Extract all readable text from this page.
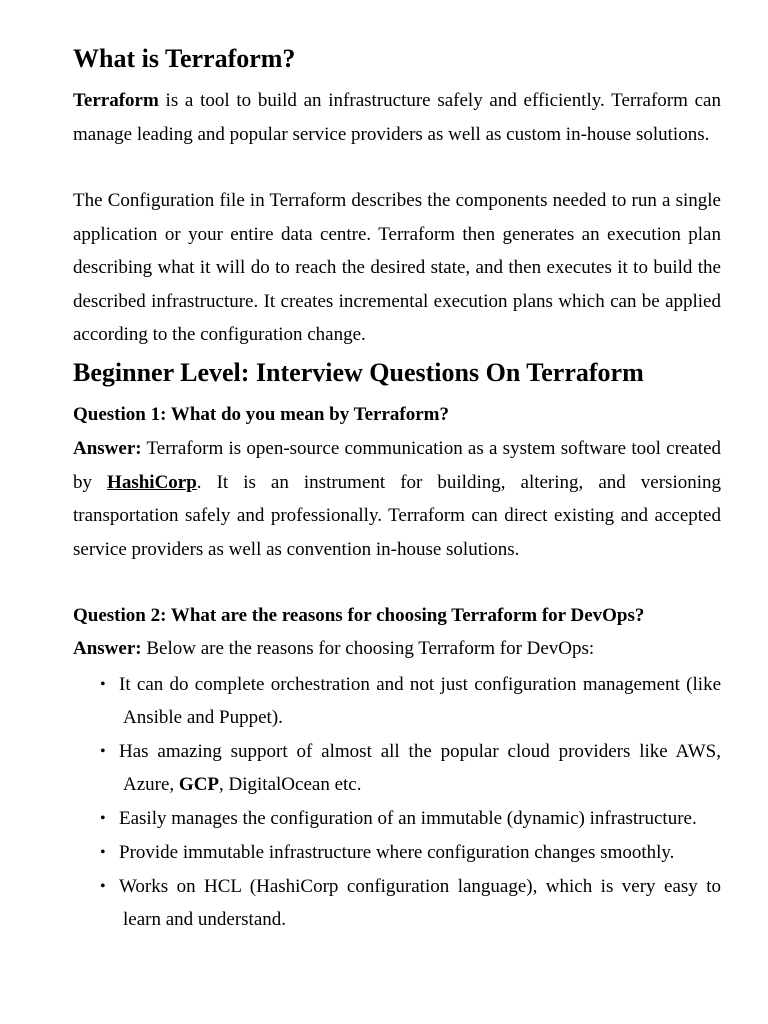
What is Terraform?

Terraform is a tool to build an infrastructure safely and efficiently. Terraform can manage leading and popular service providers as well as custom in-house solutions.

The Configuration file in Terraform describes the components needed to run a single application or your entire data centre. Terraform then generates an execution plan describing what it will do to reach the desired state, and then executes it to build the described infrastructure. It creates incremental execution plans which can be applied according to the configuration change.

Beginner Level: Interview Questions On Terraform

Question 1: What do you mean by Terraform?

Answer: Terraform is open-source communication as a system software tool created by HashiCorp. It is an instrument for building, altering, and versioning transportation safely and professionally. Terraform can direct existing and accepted service providers as well as convention in-house solutions.

Question 2: What are the reasons for choosing Terraform for DevOps?

Answer: Below are the reasons for choosing Terraform for DevOps:

• It can do complete orchestration and not just configuration management (like Ansible and Puppet).
• Has amazing support of almost all the popular cloud providers like AWS, Azure, GCP, DigitalOcean etc.
• Easily manages the configuration of an immutable (dynamic) infrastructure.
• Provide immutable infrastructure where configuration changes smoothly.
• Works on HCL (HashiCorp configuration language), which is very easy to learn and understand.
